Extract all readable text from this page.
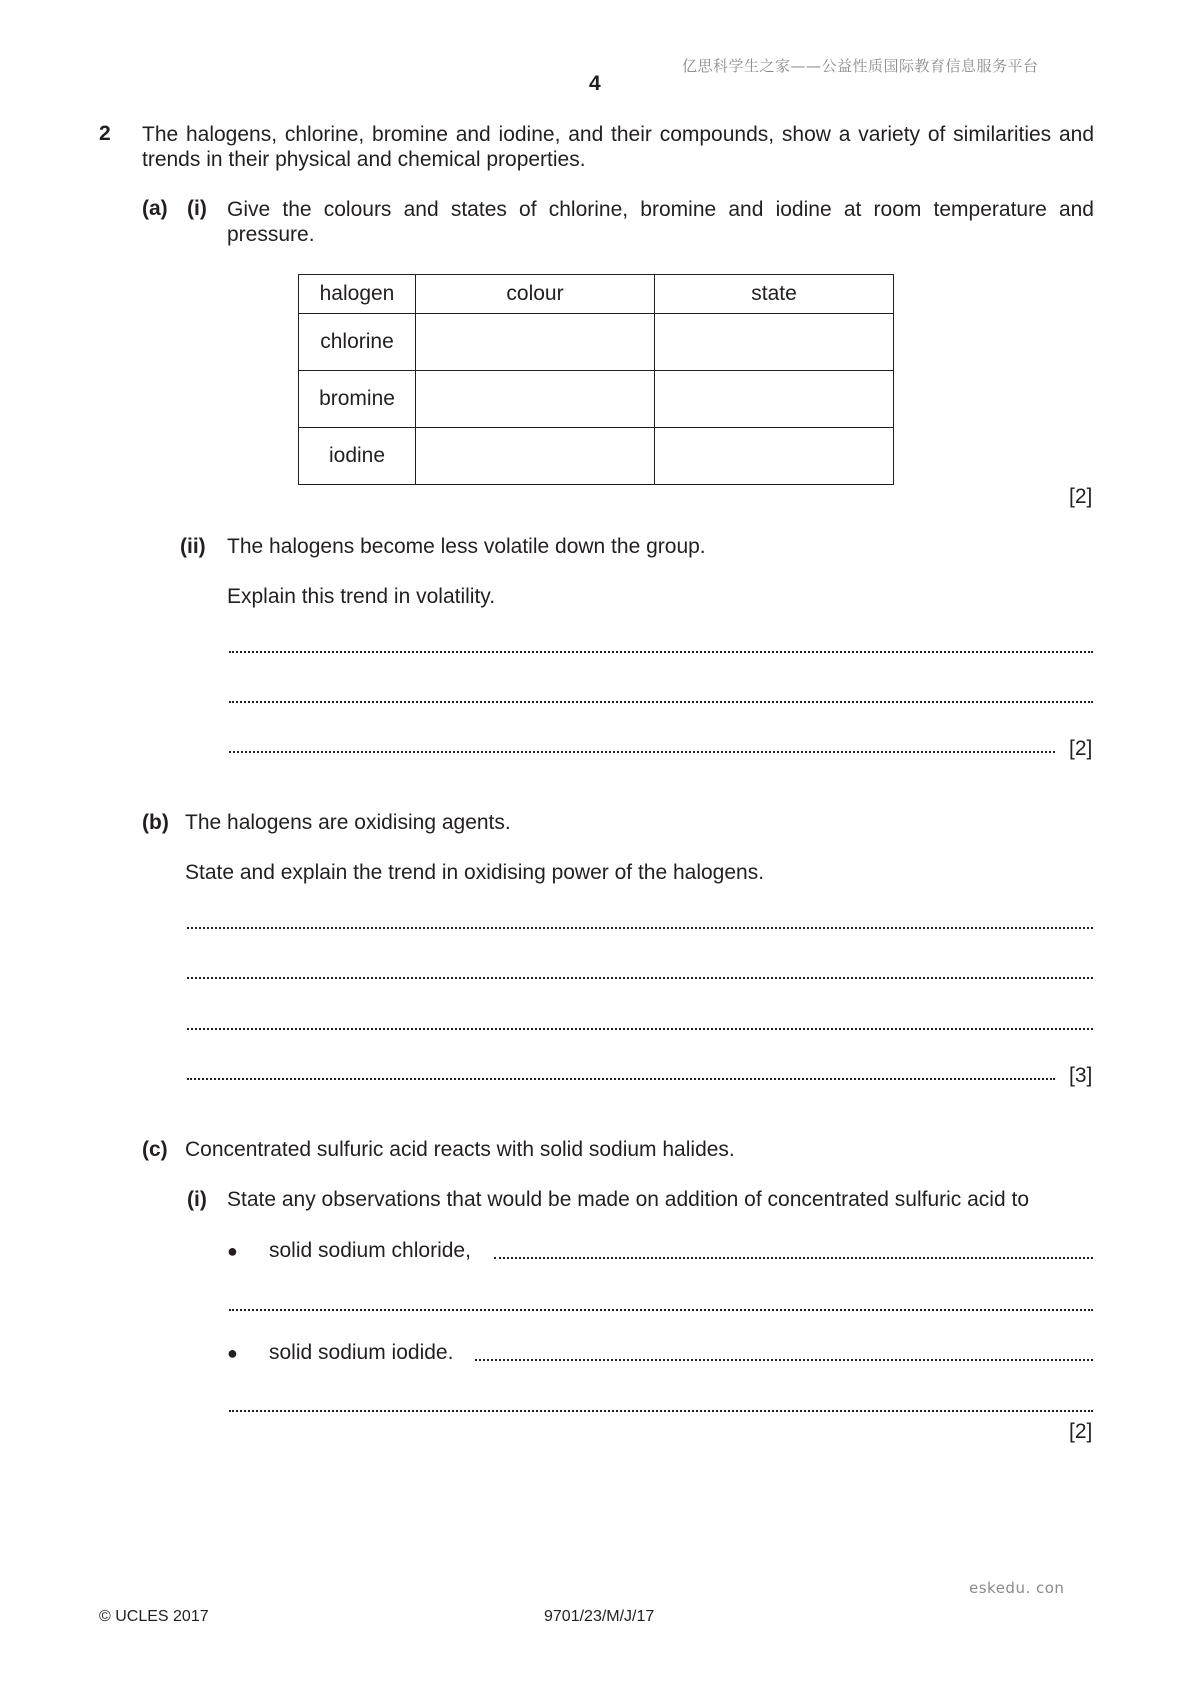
亿思科学生之家——公益性质国际教育信息服务平台
4
2 The halogens, chlorine, bromine and iodine, and their compounds, show a variety of similarities and trends in their physical and chemical properties.
(a) (i) Give the colours and states of chlorine, bromine and iodine at room temperature and pressure.
halogen	colour	state
chlorine		
bromine		
iodine		
[2]
(ii) The halogens become less volatile down the group.
Explain this trend in volatility.
[2]
(b) The halogens are oxidising agents.
State and explain the trend in oxidising power of the halogens.
[3]
(c) Concentrated sulfuric acid reacts with solid sodium halides.
(i) State any observations that would be made on addition of concentrated sulfuric acid to
● solid sodium chloride,
● solid sodium iodide.
[2]
eskedu. con
© UCLES 2017	9701/23/M/J/17
